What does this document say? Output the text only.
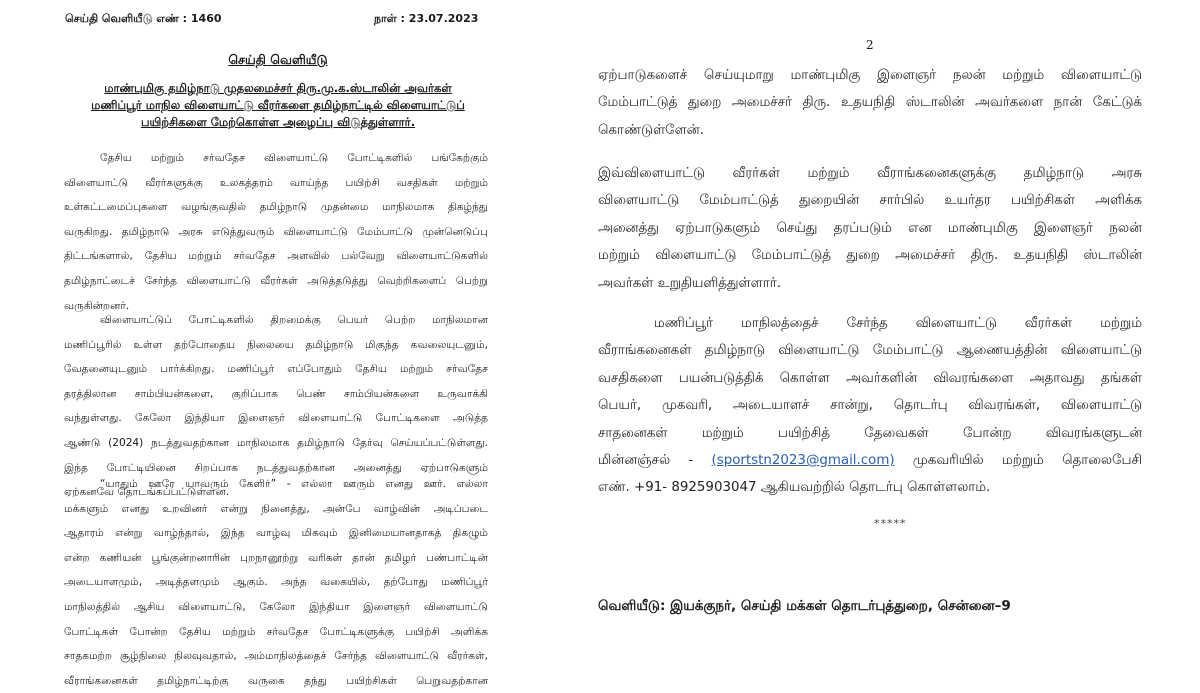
செய்தி வெளியீடு எண் : 1460	நாள் : 23.07.2023
செய்தி வெளியீடு
மாண்புமிகு தமிழ்நாடு முதலமைச்சர் திரு.மு.க.ஸ்டாலின் அவர்கள்
மணிப்பூர் மாநில விளையாட்டு வீரர்களை தமிழ்நாட்டில் விளையாட்டுப்
பயிற்சிகளை மேற்கொள்ள அழைப்பு விடுத்துள்ளார்.
தேசிய மற்றும் சர்வதேச விளையாட்டு போட்டிகளில் பங்கேற்கும்
விளையாட்டு வீரர்களுக்கு உலகத்தரம் வாய்ந்த பயிற்சி வசதிகள் மற்றும்
உள்கட்டமைப்புகளை வழங்குவதில் தமிழ்நாடு முதன்மை மாநிலமாக திகழ்ந்து
வருகிறது. தமிழ்நாடு அரசு எடுத்துவரும் விளையாட்டு மேம்பாட்டு முன்னெடுப்பு
திட்டங்களால், தேசிய மற்றும் சர்வதேச அளவில் பல்வேறு விளையாட்டுகளில்
தமிழ்நாட்டைச் சேர்ந்த விளையாட்டு வீரர்கள் அடுத்தடுத்து வெற்றிகளைப் பெற்று
வருகின்றனர்.
விளையாட்டுப் போட்டிகளில் திறமைக்கு பெயர் பெற்ற மாநிலமான
மணிப்பூரில் உள்ள தற்போதைய நிலையை தமிழ்நாடு மிகுந்த கவலையுடனும்,
வேதனையுடனும் பார்க்கிறது. மணிப்பூர் எப்போதும் தேசிய மற்றும் சர்வதேச
தரத்திலான சாம்பியன்களை, குறிப்பாக பெண் சாம்பியன்களை உருவாக்கி
வந்துள்ளது. கேலோ இந்தியா இளைஞர் விளையாட்டு போட்டிகளை அடுத்த
ஆண்டு (2024) நடத்துவதற்கான மாநிலமாக தமிழ்நாடு தேர்வு செய்யப்பட்டுள்ளது.
இந்த போட்டியினை சிறப்பாக நடத்துவதற்கான அனைத்து ஏற்பாடுகளும்
ஏற்கனவே தொடங்கப்பட்டுள்ளன.
“யாதும் ஊரே யாவரும் கேளிர்” - எல்லா ஊரும் எனது ஊர். எல்லா
மக்களும் எனது உறவினர் என்று நினைத்து, அன்பே வாழ்வின் அடிப்படை
ஆதாரம் என்று வாழ்ந்தால், இந்த வாழ்வு மிகவும் இனிமையானதாகத் திகழும்
என்ற கணியன் பூங்குன்றனாரின் புறநானூற்று வரிகள் தான் தமிழர் பண்பாட்டின்
அடையாளமும், அடித்தளமும் ஆகும். அந்த வகையில், தற்போது மணிப்பூர்
மாநிலத்தில் ஆசிய விளையாட்டு, கேலோ இந்தியா இளைஞர் விளையாட்டு
போட்டிகள் போன்ற தேசிய மற்றும் சர்வதேச போட்டிகளுக்கு பயிற்சி அளிக்க
சாதகமற்ற சூழ்நிலை நிலவுவதால், அம்மாநிலத்தைச் சேர்ந்த விளையாட்டு வீரர்கள்,
வீராங்கனைகள் தமிழ்நாட்டிற்கு வருகை தந்து பயிற்சிகள் பெறுவதற்கான
2
ஏற்பாடுகளைச் செய்யுமாறு மாண்புமிகு இளைஞர் நலன் மற்றும் விளையாட்டு
மேம்பாட்டுத் துறை அமைச்சர் திரு. உதயநிதி ஸ்டாலின் அவர்களை நான் கேட்டுக்
கொண்டுள்ளேன்.
இவ்விளையாட்டு வீரர்கள் மற்றும் வீராங்கனைகளுக்கு தமிழ்நாடு அரசு
விளையாட்டு மேம்பாட்டுத் துறையின் சார்பில் உயர்தர பயிற்சிகள் அளிக்க
அனைத்து ஏற்பாடுகளும் செய்து தரப்படும் என மாண்புமிகு இளைஞர் நலன்
மற்றும் விளையாட்டு மேம்பாட்டுத் துறை அமைச்சர் திரு. உதயநிதி ஸ்டாலின்
அவர்கள் உறுதியளித்துள்ளார்.
மணிப்பூர் மாநிலத்தைச் சேர்ந்த விளையாட்டு வீரர்கள் மற்றும்
வீராங்கனைகள் தமிழ்நாடு விளையாட்டு மேம்பாட்டு ஆணையத்தின் விளையாட்டு
வசதிகளை பயன்படுத்திக் கொள்ள அவர்களின் விவரங்களை அதாவது தங்கள்
பெயர், முகவரி, அடையாளச் சான்று, தொடர்பு விவரங்கள், விளையாட்டு
சாதனைகள் மற்றும் பயிற்சித் தேவைகள் போன்ற விவரங்களுடன்
மின்னஞ்சல் - (sportstn2023@gmail.com) முகவரியில் மற்றும் தொலைபேசி
எண். +91- 8925903047 ஆகியவற்றில் தொடர்பு கொள்ளலாம்.
*****
வெளியீடு: இயக்குநர், செய்தி மக்கள் தொடர்புத்துறை, சென்னை–9
